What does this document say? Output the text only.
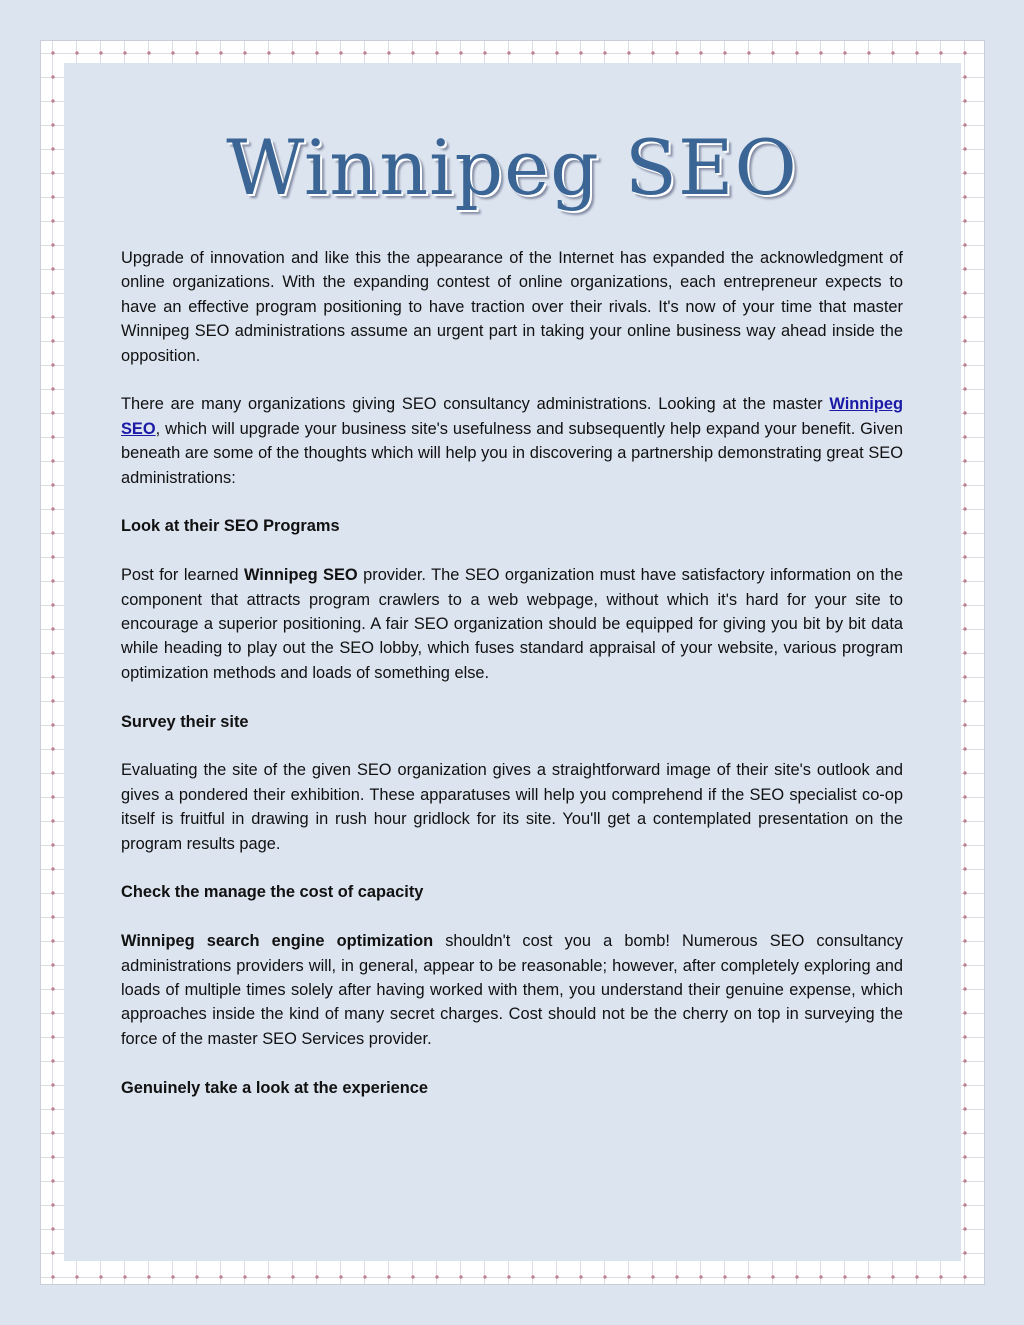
Winnipeg SEO

Upgrade of innovation and like this the appearance of the Internet has expanded the acknowledgment of online organizations. With the expanding contest of online organizations, each entrepreneur expects to have an effective program positioning to have traction over their rivals. It's now of your time that master Winnipeg SEO administrations assume an urgent part in taking your online business way ahead inside the opposition.

There are many organizations giving SEO consultancy administrations. Looking at the master Winnipeg SEO, which will upgrade your business site's usefulness and subsequently help expand your benefit. Given beneath are some of the thoughts which will help you in discovering a partnership demonstrating great SEO administrations:

Look at their SEO Programs

Post for learned Winnipeg SEO provider. The SEO organization must have satisfactory information on the component that attracts program crawlers to a web webpage, without which it's hard for your site to encourage a superior positioning. A fair SEO organization should be equipped for giving you bit by bit data while heading to play out the SEO lobby, which fuses standard appraisal of your website, various program optimization methods and loads of something else.

Survey their site

Evaluating the site of the given SEO organization gives a straightforward image of their site's outlook and gives a pondered their exhibition. These apparatuses will help you comprehend if the SEO specialist co-op itself is fruitful in drawing in rush hour gridlock for its site. You'll get a contemplated presentation on the program results page.

Check the manage the cost of capacity

Winnipeg search engine optimization shouldn't cost you a bomb! Numerous SEO consultancy administrations providers will, in general, appear to be reasonable; however, after completely exploring and loads of multiple times solely after having worked with them, you understand their genuine expense, which approaches inside the kind of many secret charges. Cost should not be the cherry on top in surveying the force of the master SEO Services provider.

Genuinely take a look at the experience
